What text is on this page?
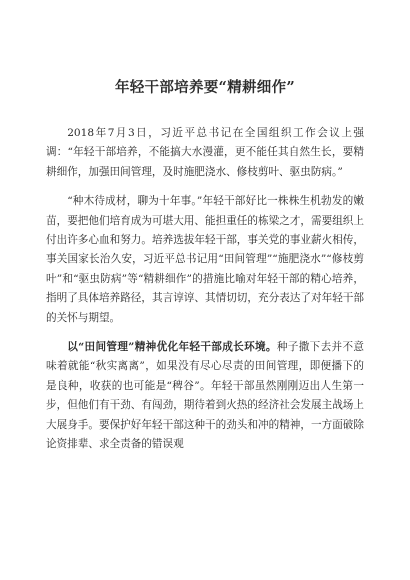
年轻干部培养要“精耕细作”

2018年7月3日，习近平总书记在全国组织工作会议上强调：“年轻干部培养，不能搞大水漫灌，更不能任其自然生长，要精耕细作，加强田间管理，及时施肥浇水、修枝剪叶、驱虫防病。”

“种木待成材，聊为十年事。”年轻干部好比一株株生机勃发的嫩苗，要把他们培育成为可堪大用、能担重任的栋梁之才，需要组织上付出许多心血和努力。培养选拔年轻干部，事关党的事业薪火相传，事关国家长治久安，习近平总书记用“田间管理”“施肥浇水”“修枝剪叶”和“驱虫防病”等“精耕细作”的措施比喻对年轻干部的精心培养，指明了具体培养路径，其言谆谆、其情切切，充分表达了对年轻干部的关怀与期望。

以“田间管理”精神优化年轻干部成长环境。种子撒下去并不意味着就能“秋实离离”，如果没有尽心尽责的田间管理，即便播下的是良种，收获的也可能是“稗谷”。年轻干部虽然刚刚迈出人生第一步，但他们有干劲、有闯劲，期待着到火热的经济社会发展主战场上大展身手。要保护好年轻干部这种干的劲头和冲的精神，一方面破除论资排辈、求全责备的错误观
